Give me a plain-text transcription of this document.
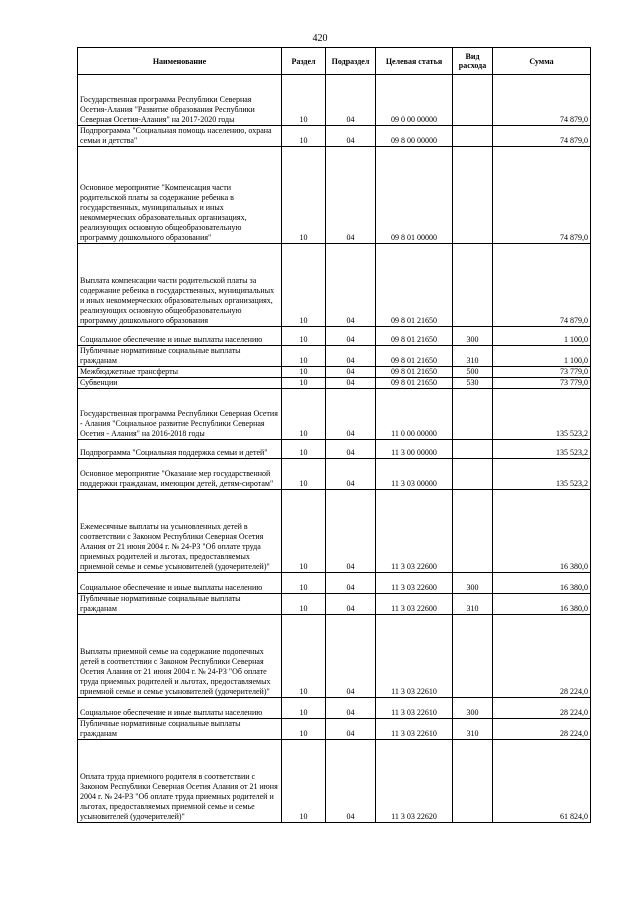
420
Наименование	Раздел	Подраздел	Целевая статья	Вид расхода	Сумма
Государственная программа Республики Северная Осетия-Алания "Развитие образования Республики Северная Осетия-Алания" на 2017-2020 годы	10	04	09 0 00 00000		74 879,0
Подпрограмма "Социальная помощь населению, охрана семьи и детства"	10	04	09 8 00 00000		74 879,0
Основное мероприятие "Компенсация части родительской платы за содержание ребенка в государственных, муниципальных и иных некоммерческих образовательных организациях, реализующих основную общеобразовательную программу дошкольного образования"	10	04	09 8 01 00000		74 879,0
Выплата компенсации части родительской платы за содержание ребенка в государственных, муниципальных и иных некоммерческих образовательных организациях, реализующих основную общеобразовательную программу дошкольного образования	10	04	09 8 01 21650		74 879,0
Социальное обеспечение и иные выплаты населению	10	04	09 8 01 21650	300	1 100,0
Публичные нормативные социальные выплаты гражданам	10	04	09 8 01 21650	310	1 100,0
Межбюджетные трансферты	10	04	09 8 01 21650	500	73 779,0
Субвенции	10	04	09 8 01 21650	530	73 779,0
Государственная программа Республики Северная Осетия - Алания "Социальное развитие Республики Северная Осетия - Алания" на 2016-2018 годы	10	04	11 0 00 00000		135 523,2
Подпрограмма "Социальная поддержка семьи и детей"	10	04	11 3 00 00000		135 523,2
Основное мероприятие "Оказание мер государственной поддержки гражданам, имеющим детей, детям-сиротам"	10	04	11 3 03 00000		135 523,2
Ежемесячные выплаты на усыновленных детей в соответствии с Законом Республики Северная Осетия Алания от 21 июня 2004 г. № 24-РЗ "Об оплате труда приемных родителей и льготах, предоставляемых приемной семье и семье усыновителей (удочерителей)"	10	04	11 3 03 22600		16 380,0
Социальное обеспечение и иные выплаты населению	10	04	11 3 03 22600	300	16 380,0
Публичные нормативные социальные выплаты гражданам	10	04	11 3 03 22600	310	16 380,0
Выплаты приемной семье на содержание подопечных детей в соответствии с Законом Республики Северная Осетия Алания от 21 июня 2004 г. № 24-РЗ "Об оплате труда приемных родителей и льготах, предоставляемых приемной семье и семье усыновителей (удочерителей)"	10	04	11 3 03 22610		28 224,0
Социальное обеспечение и иные выплаты населению	10	04	11 3 03 22610	300	28 224,0
Публичные нормативные социальные выплаты гражданам	10	04	11 3 03 22610	310	28 224,0
Оплата труда приемного родителя в соответствии с Законом Республики Северная Осетия Алания от 21 июня 2004 г. № 24-РЗ "Об оплате труда приемных родителей и льготах, предоставляемых приемной семье и семье усыновителей (удочерителей)"	10	04	11 3 03 22620		61 824,0
